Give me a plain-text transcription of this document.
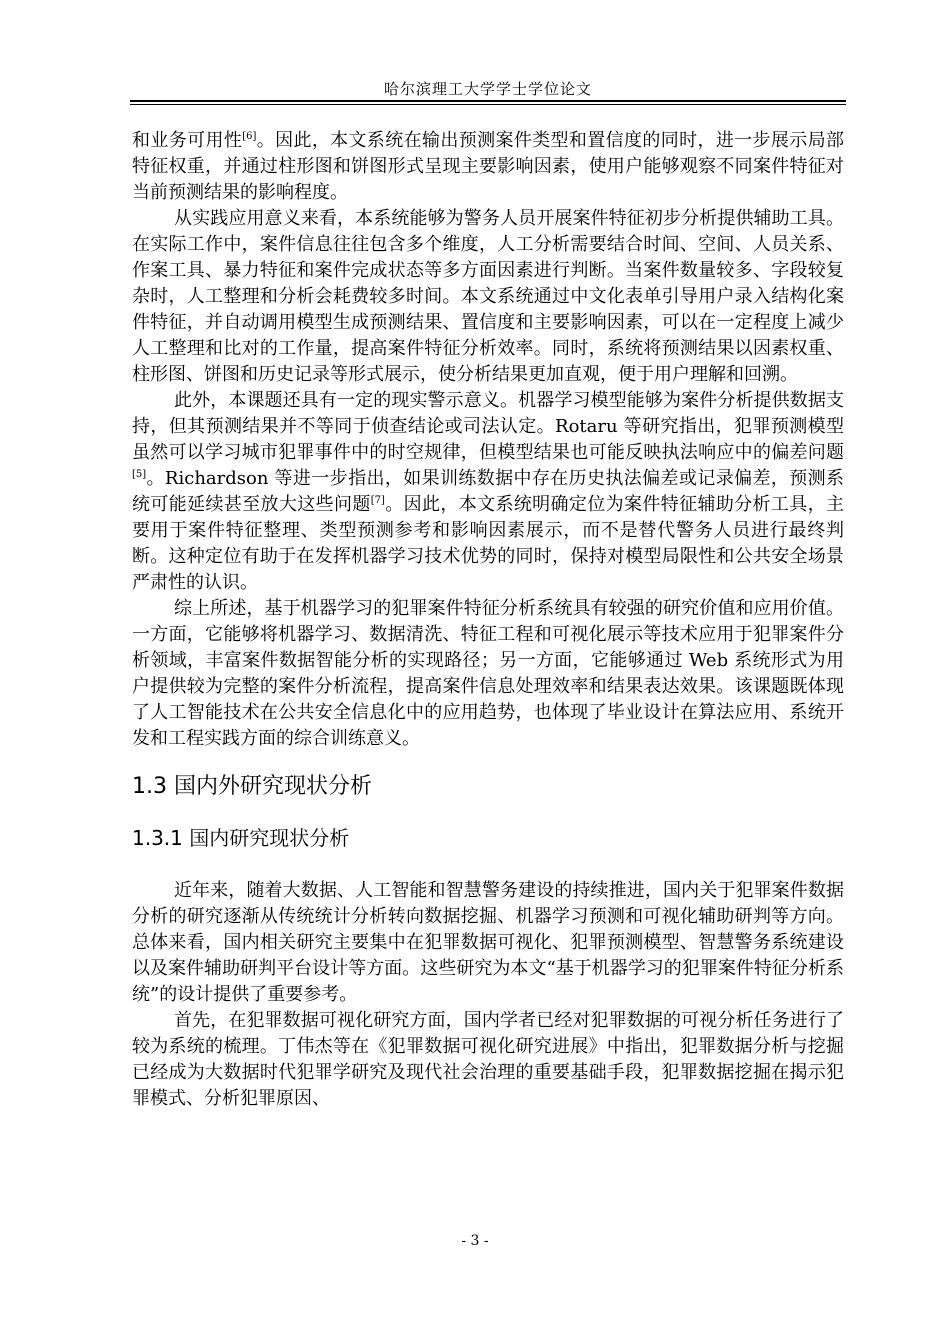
哈尔滨理工大学学士学位论文

和业务可用性[6]。因此，本文系统在输出预测案件类型和置信度的同时，进一步展示局部特征权重，并通过柱形图和饼图形式呈现主要影响因素，使用户能够观察不同案件特征对当前预测结果的影响程度。

从实践应用意义来看，本系统能够为警务人员开展案件特征初步分析提供辅助工具。在实际工作中，案件信息往往包含多个维度，人工分析需要结合时间、空间、人员关系、作案工具、暴力特征和案件完成状态等多方面因素进行判断。当案件数量较多、字段较复杂时，人工整理和分析会耗费较多时间。本文系统通过中文化表单引导用户录入结构化案件特征，并自动调用模型生成预测结果、置信度和主要影响因素，可以在一定程度上减少人工整理和比对的工作量，提高案件特征分析效率。同时，系统将预测结果以因素权重、柱形图、饼图和历史记录等形式展示，使分析结果更加直观，便于用户理解和回溯。

此外，本课题还具有一定的现实警示意义。机器学习模型能够为案件分析提供数据支持，但其预测结果并不等同于侦查结论或司法认定。Rotaru 等研究指出，犯罪预测模型虽然可以学习城市犯罪事件中的时空规律，但模型结果也可能反映执法响应中的偏差问题[5]。Richardson 等进一步指出，如果训练数据中存在历史执法偏差或记录偏差，预测系统可能延续甚至放大这些问题[7]。因此，本文系统明确定位为案件特征辅助分析工具，主要用于案件特征整理、类型预测参考和影响因素展示，而不是替代警务人员进行最终判断。这种定位有助于在发挥机器学习技术优势的同时，保持对模型局限性和公共安全场景严肃性的认识。

综上所述，基于机器学习的犯罪案件特征分析系统具有较强的研究价值和应用价值。一方面，它能够将机器学习、数据清洗、特征工程和可视化展示等技术应用于犯罪案件分析领域，丰富案件数据智能分析的实现路径；另一方面，它能够通过 Web 系统形式为用户提供较为完整的案件分析流程，提高案件信息处理效率和结果表达效果。该课题既体现了人工智能技术在公共安全信息化中的应用趋势，也体现了毕业设计在算法应用、系统开发和工程实践方面的综合训练意义。

1.3 国内外研究现状分析
1.3.1 国内研究现状分析

近年来，随着大数据、人工智能和智慧警务建设的持续推进，国内关于犯罪案件数据分析的研究逐渐从传统统计分析转向数据挖掘、机器学习预测和可视化辅助研判等方向。总体来看，国内相关研究主要集中在犯罪数据可视化、犯罪预测模型、智慧警务系统建设以及案件辅助研判平台设计等方面。这些研究为本文“基于机器学习的犯罪案件特征分析系统”的设计提供了重要参考。

首先，在犯罪数据可视化研究方面，国内学者已经对犯罪数据的可视分析任务进行了较为系统的梳理。丁伟杰等在《犯罪数据可视化研究进展》中指出，犯罪数据分析与挖掘已经成为大数据时代犯罪学研究及现代社会治理的重要基础手段，犯罪数据挖掘在揭示犯罪模式、分析犯罪原因、

- 3 -
